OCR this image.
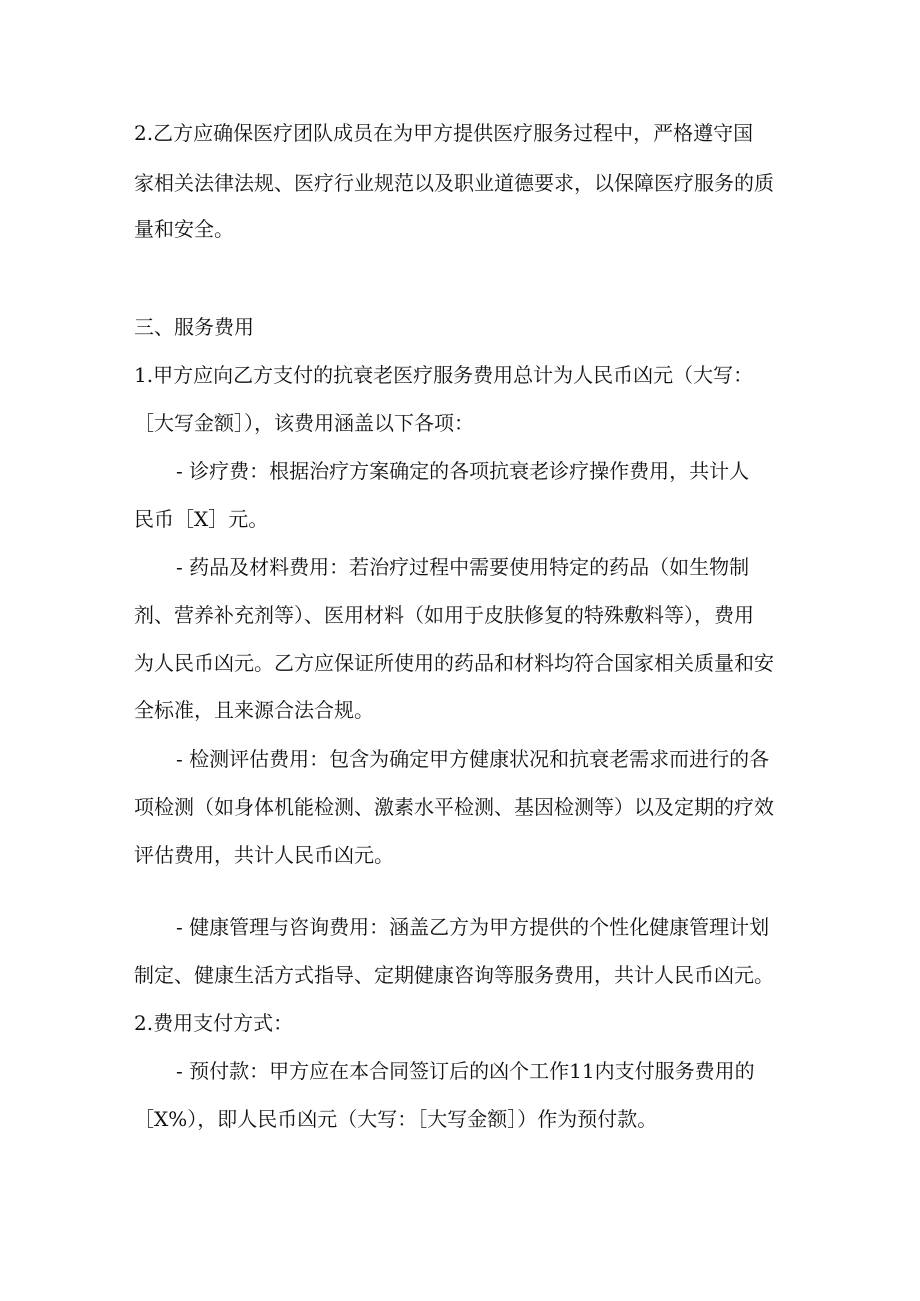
2.乙方应确保医疗团队成员在为甲方提供医疗服务过程中，严格遵守国
家相关法律法规、医疗行业规范以及职业道德要求，以保障医疗服务的质
量和安全。
三、服务费用
1.甲方应向乙方支付的抗衰老医疗服务费用总计为人民币凶元（大写：
［大写金额］），该费用涵盖以下各项：
- 诊疗费：根据治疗方案确定的各项抗衰老诊疗操作费用，共计人
民币［X］元。
- 药品及材料费用：若治疗过程中需要使用特定的药品（如生物制
剂、营养补充剂等）、医用材料（如用于皮肤修复的特殊敷料等），费用
为人民币凶元。乙方应保证所使用的药品和材料均符合国家相关质量和安
全标准，且来源合法合规。
- 检测评估费用：包含为确定甲方健康状况和抗衰老需求而进行的各
项检测（如身体机能检测、激素水平检测、基因检测等）以及定期的疗效
评估费用，共计人民币凶元。
- 健康管理与咨询费用：涵盖乙方为甲方提供的个性化健康管理计划
制定、健康生活方式指导、定期健康咨询等服务费用，共计人民币凶元。
2.费用支付方式：
- 预付款：甲方应在本合同签订后的凶个工作11内支付服务费用的
［X%），即人民币凶元（大写：［大写金额］）作为预付款。
